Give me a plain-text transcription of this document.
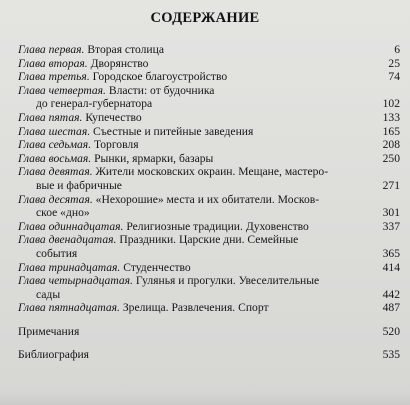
СОДЕРЖАНИЕ
Глава первая. Вторая столица	6
Глава вторая. Дворянство	25
Глава третья. Городское благоустройство	74
Глава четвертая. Власти: от будочника
до генерал-губернатора	102
Глава пятая. Купечество	133
Глава шестая. Съестные и питейные заведения	165
Глава седьмая. Торговля	208
Глава восьмая. Рынки, ярмарки, базары	250
Глава девятая. Жители московских окраин. Мещане, мастеро-
вые и фабричные	271
Глава десятая. «Нехорошие» места и их обитатели. Москов-
ское «дно»	301
Глава одиннадцатая. Религиозные традиции. Духовенство	337
Глава двенадцатая. Праздники. Царские дни. Семейные
события	365
Глава тринадцатая. Студенчество	414
Глава четырнадцатая. Гулянья и прогулки. Увеселительные
сады	442
Глава пятнадцатая. Зрелища. Развлечения. Спорт	487
Примечания	520
Библиография	535
